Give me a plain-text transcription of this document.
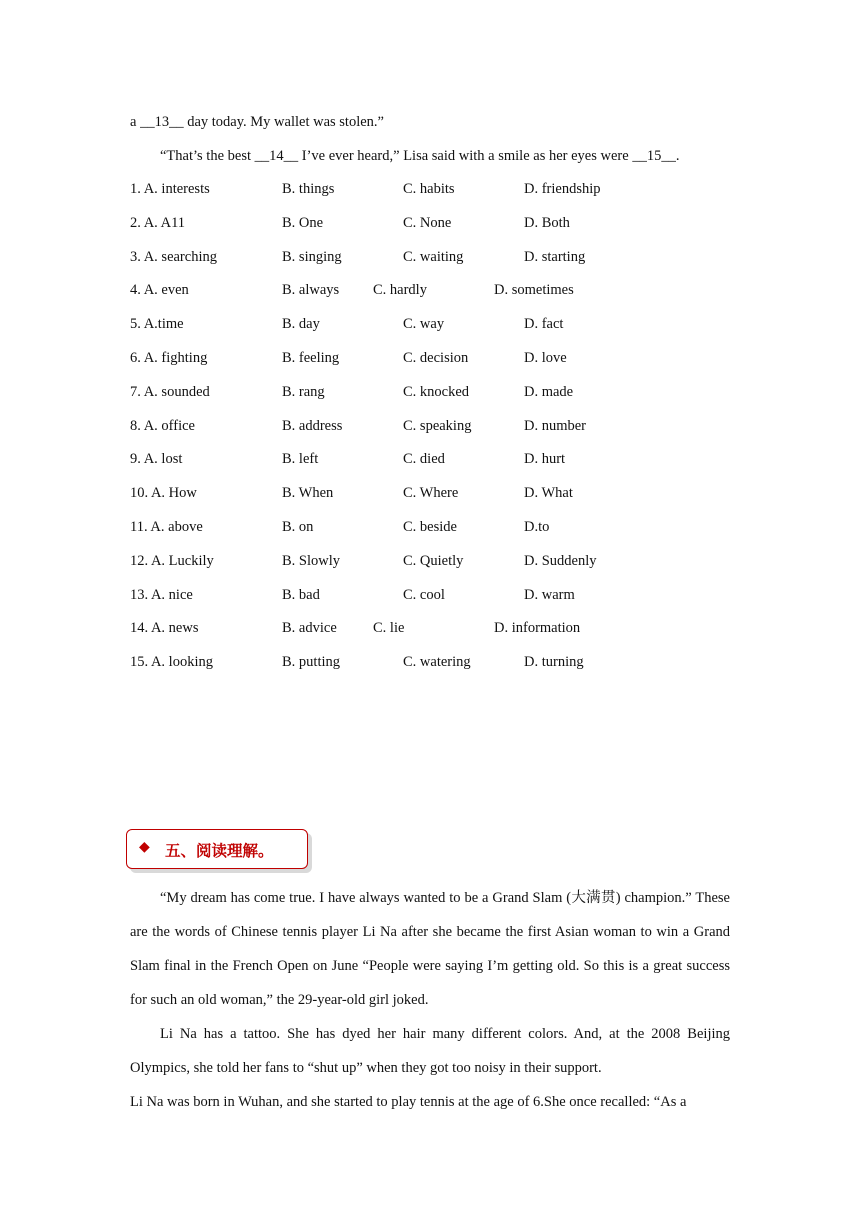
a __13__ day today. My wallet was stolen.”
“That’s the best __14__ I’ve ever heard,” Lisa said with a smile as her eyes were __15__.
1. A. interests	B. things	C. habits	D. friendship
2. A. A11	B. One	C. None	D. Both
3. A. searching	B. singing	C. waiting	D. starting
4. A. even	B. always C. hardly	D. sometimes
5. A.time	B. day	C. way	D. fact
6. A. fighting	B. feeling	C. decision	D. love
7. A. sounded	B. rang	C. knocked	D. made
8. A. office	B. address	C. speaking	D. number
9. A. lost	B. left	C. died	D. hurt
10. A. How	B. When	C. Where	D. What
11. A. above	B. on	C. beside	D.to
12. A. Luckily	B. Slowly	C. Quietly	D. Suddenly
13. A. nice	B. bad	C. cool	D. warm
14. A. news	B. advice C. lie	D. information
15. A. looking	B. putting	C. watering	D. turning
◆ 五、阅读理解。

“My dream has come true. I have always wanted to be a Grand Slam (大满贯) champion.” These are the words of Chinese tennis player Li Na after she became the first Asian woman to win a Grand Slam final in the French Open on June “People were saying I’m getting old. So this is a great success for such an old woman,” the 29-year-old girl joked.

Li Na has a tattoo. She has dyed her hair many different colors. And, at the 2008 Beijing Olympics, she told her fans to “shut up” when they got too noisy in their support.

Li Na was born in Wuhan, and she started to play tennis at the age of 6.She once recalled: “As a
